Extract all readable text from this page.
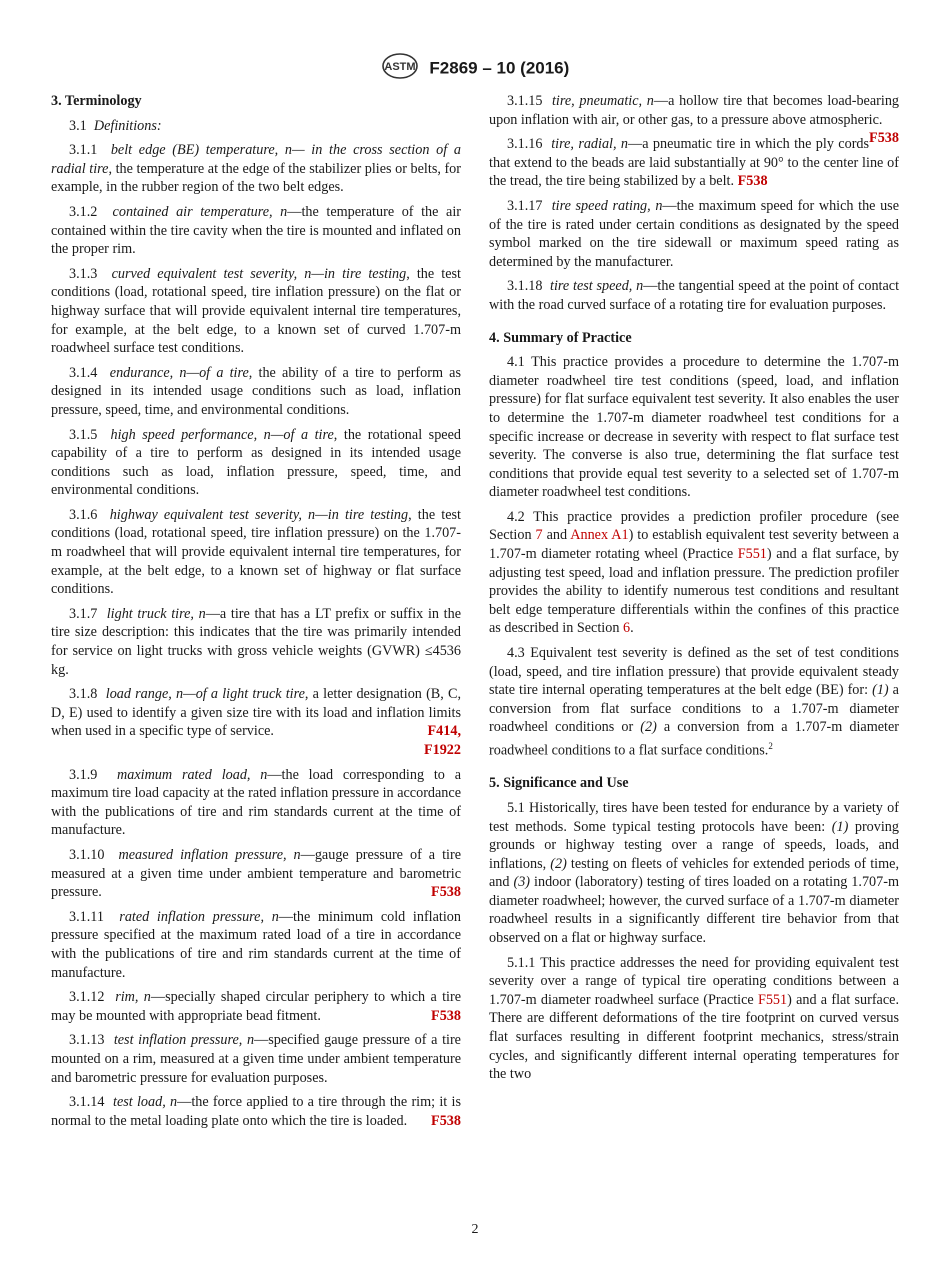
ASTM F2869 – 10 (2016)
3. Terminology

3.1 Definitions:

3.1.1 belt edge (BE) temperature, n— in the cross section of a radial tire, the temperature at the edge of the stabilizer plies or belts, for example, in the rubber region of the two belt edges.

3.1.2 contained air temperature, n—the temperature of the air contained within the tire cavity when the tire is mounted and inflated on the proper rim.

3.1.3 curved equivalent test severity, n—in tire testing, the test conditions (load, rotational speed, tire inflation pressure) on the flat or highway surface that will provide equivalent internal tire temperatures, for example, at the belt edge, to a known set of curved 1.707-m roadwheel surface test conditions.

3.1.4 endurance, n—of a tire, the ability of a tire to perform as designed in its intended usage conditions such as load, inflation pressure, speed, time, and environmental conditions.

3.1.5 high speed performance, n—of a tire, the rotational speed capability of a tire to perform as designed in its intended usage conditions such as load, inflation pressure, speed, time, and environmental conditions.

3.1.6 highway equivalent test severity, n—in tire testing, the test conditions (load, rotational speed, tire inflation pressure) on the 1.707-m roadwheel that will provide equivalent internal tire temperatures, for example, at the belt edge, to a known set of highway or flat surface conditions.

3.1.7 light truck tire, n—a tire that has a LT prefix or suffix in the tire size description: this indicates that the tire was primarily intended for service on light trucks with gross vehicle weights (GVWR) ≤4536 kg.

3.1.8 load range, n—of a light truck tire, a letter designation (B, C, D, E) used to identify a given size tire with its load and inflation limits when used in a specific type of service.	F414,
F1922

3.1.9 maximum rated load, n—the load corresponding to a maximum tire load capacity at the rated inflation pressure in accordance with the publications of tire and rim standards current at the time of manufacture.

3.1.10 measured inflation pressure, n—gauge pressure of a tire measured at a given time under ambient temperature and barometric pressure.	F538

3.1.11 rated inflation pressure, n—the minimum cold inflation pressure specified at the maximum rated load of a tire in accordance with the publications of tire and rim standards current at the time of manufacture.

3.1.12 rim, n—specially shaped circular periphery to which a tire may be mounted with appropriate bead fitment.	F538

3.1.13 test inflation pressure, n—specified gauge pressure of a tire mounted on a rim, measured at a given time under ambient temperature and barometric pressure for evaluation purposes.

3.1.14 test load, n—the force applied to a tire through the rim; it is normal to the metal loading plate onto which the tire is loaded. F538

3.1.15 tire, pneumatic, n—a hollow tire that becomes load-bearing upon inflation with air, or other gas, to a pressure above atmospheric.
F538

3.1.16 tire, radial, n—a pneumatic tire in which the ply cords that extend to the beads are laid substantially at 90° to the center line of the tread, the tire being stabilized by a belt. F538

3.1.17 tire speed rating, n—the maximum speed for which the use of the tire is rated under certain conditions as designated by the speed symbol marked on the tire sidewall or maximum speed rating as determined by the manufacturer.

3.1.18 tire test speed, n—the tangential speed at the point of contact with the road curved surface of a rotating tire for evaluation purposes.

4. Summary of Practice

4.1 This practice provides a procedure to determine the 1.707-m diameter roadwheel tire test conditions (speed, load, and inflation pressure) for flat surface equivalent test severity. It also enables the user to determine the 1.707-m diameter roadwheel test conditions for a specific increase or decrease in severity with respect to flat surface test severity. The converse is also true, determining the flat surface test conditions that provide equal test severity to a selected set of 1.707-m diameter roadwheel test conditions.

4.2 This practice provides a prediction profiler procedure (see Section 7 and Annex A1) to establish equivalent test severity between a 1.707-m diameter rotating wheel (Practice F551) and a flat surface, by adjusting test speed, load and inflation pressure. The prediction profiler provides the ability to identify numerous test conditions and resultant belt edge temperature differentials within the confines of this practice as described in Section 6.

4.3 Equivalent test severity is defined as the set of test conditions (load, speed, and tire inflation pressure) that provide equivalent steady state tire internal operating temperatures at the belt edge (BE) for: (1) a conversion from flat surface conditions to a 1.707-m diameter roadwheel conditions or (2) a conversion from a 1.707-m diameter roadwheel conditions to a flat surface conditions.$^2$

5. Significance and Use

5.1 Historically, tires have been tested for endurance by a variety of test methods. Some typical testing protocols have been: (1) proving grounds or highway testing over a range of speeds, loads, and inflations, (2) testing on fleets of vehicles for extended periods of time, and (3) indoor (laboratory) testing of tires loaded on a rotating 1.707-m diameter roadwheel; however, the curved surface of a 1.707-m diameter roadwheel results in a significantly different tire behavior from that observed on a flat or highway surface.

5.1.1 This practice addresses the need for providing equivalent test severity over a range of typical tire operating conditions between a 1.707-m diameter roadwheel surface (Practice F551) and a flat surface. There are different deformations of the tire footprint on curved versus flat surfaces resulting in different footprint mechanics, stress/strain cycles, and significantly different internal operating temperatures for the two

2
